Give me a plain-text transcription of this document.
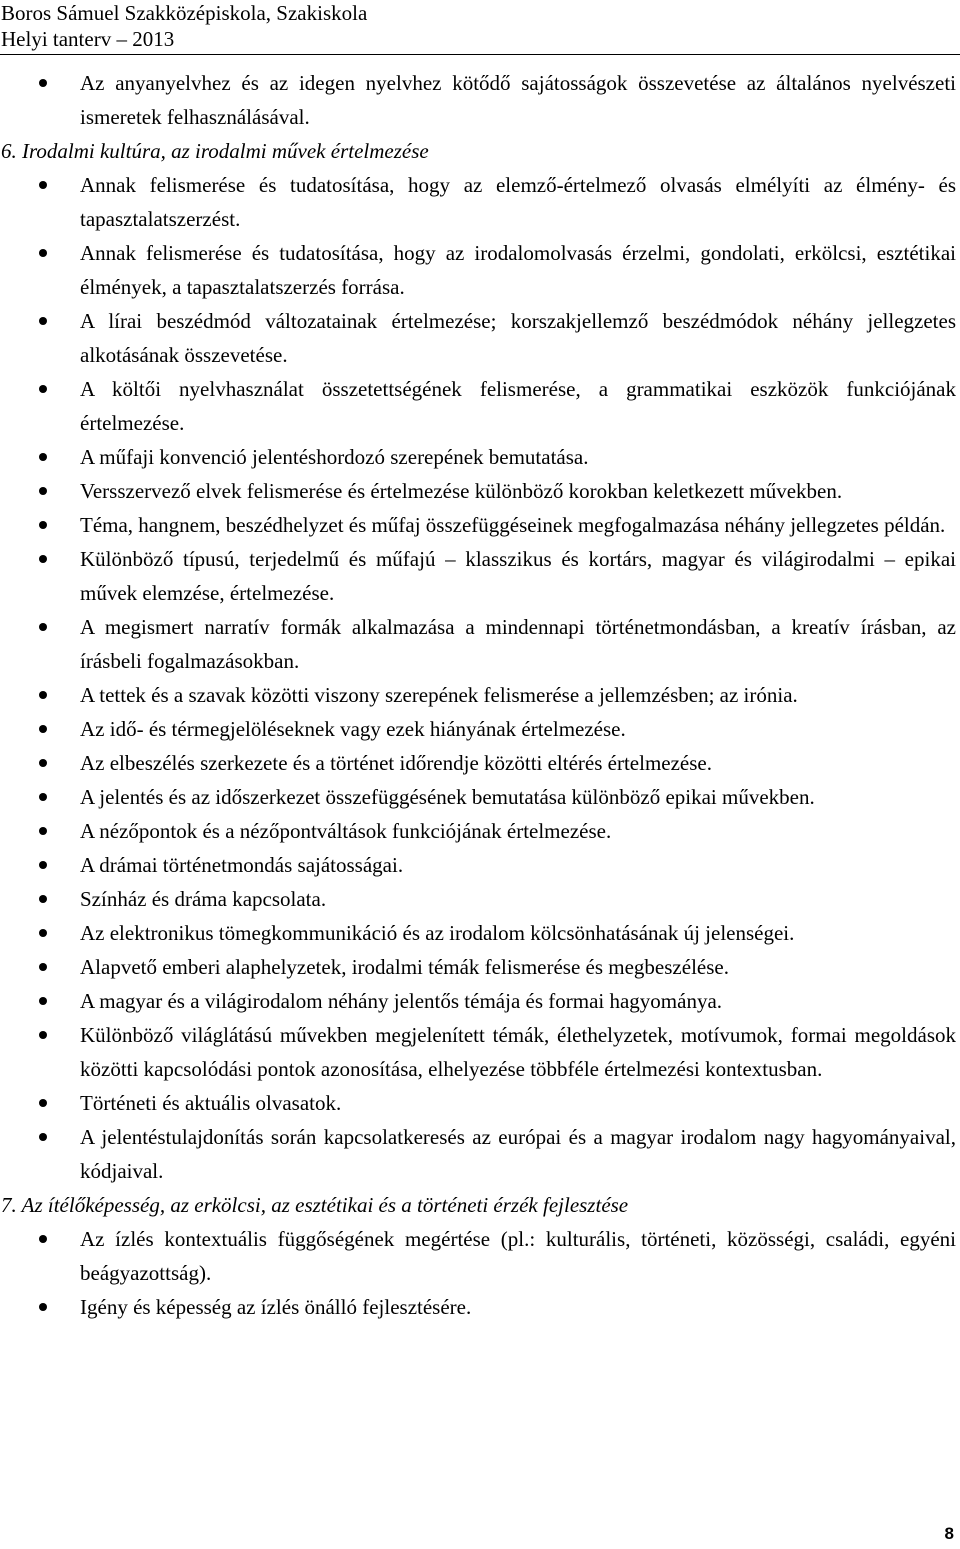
Boros Sámuel Szakközépiskola, Szakiskola
Helyi tanterv – 2013
Az anyanyelvhez és az idegen nyelvhez kötődő sajátosságok összevetése az általános nyelvészeti ismeretek felhasználásával.
6. Irodalmi kultúra, az irodalmi művek értelmezése
Annak felismerése és tudatosítása, hogy az elemző-értelmező olvasás elmélyíti az élmény- és tapasztalatszerzést.
Annak felismerése és tudatosítása, hogy az irodalomolvasás érzelmi, gondolati, erkölcsi, esztétikai élmények, a tapasztalatszerzés forrása.
A lírai beszédmód változatainak értelmezése; korszakjellemző beszédmódok néhány jellegzetes alkotásának összevetése.
A költői nyelvhasználat összetettségének felismerése, a grammatikai eszközök funkciójának értelmezése.
A műfaji konvenció jelentéshordozó szerepének bemutatása.
Versszervező elvek felismerése és értelmezése különböző korokban keletkezett művekben.
Téma, hangnem, beszédhelyzet és műfaj összefüggéseinek megfogalmazása néhány jellegzetes példán.
Különböző típusú, terjedelmű és műfajú – klasszikus és kortárs, magyar és világirodalmi – epikai művek elemzése, értelmezése.
A megismert narratív formák alkalmazása a mindennapi történetmondásban, a kreatív írásban, az írásbeli fogalmazásokban.
A tettek és a szavak közötti viszony szerepének felismerése a jellemzésben; az irónia.
Az idő- és térmegjelöléseknek vagy ezek hiányának értelmezése.
Az elbeszélés szerkezete és a történet időrendje közötti eltérés értelmezése.
A jelentés és az időszerkezet összefüggésének bemutatása különböző epikai művekben.
A nézőpontok és a nézőpontváltások funkciójának értelmezése.
A drámai történetmondás sajátosságai.
Színház és dráma kapcsolata.
Az elektronikus tömegkommunikáció és az irodalom kölcsönhatásának új jelenségei.
Alapvető emberi alaphelyzetek, irodalmi témák felismerése és megbeszélése.
A magyar és a világirodalom néhány jelentős témája és formai hagyománya.
Különböző világlátású művekben megjelenített témák, élethelyzetek, motívumok, formai megoldások közötti kapcsolódási pontok azonosítása, elhelyezése többféle értelmezési kontextusban.
Történeti és aktuális olvasatok.
A jelentéstulajdonítás során kapcsolatkeresés az európai és a magyar irodalom nagy hagyományaival, kódjaival.
7. Az ítélőképesség, az erkölcsi, az esztétikai és a történeti érzék fejlesztése
Az ízlés kontextuális függőségének megértése (pl.: kulturális, történeti, közösségi, családi, egyéni beágyazottság).
Igény és képesség az ízlés önálló fejlesztésére.
8
